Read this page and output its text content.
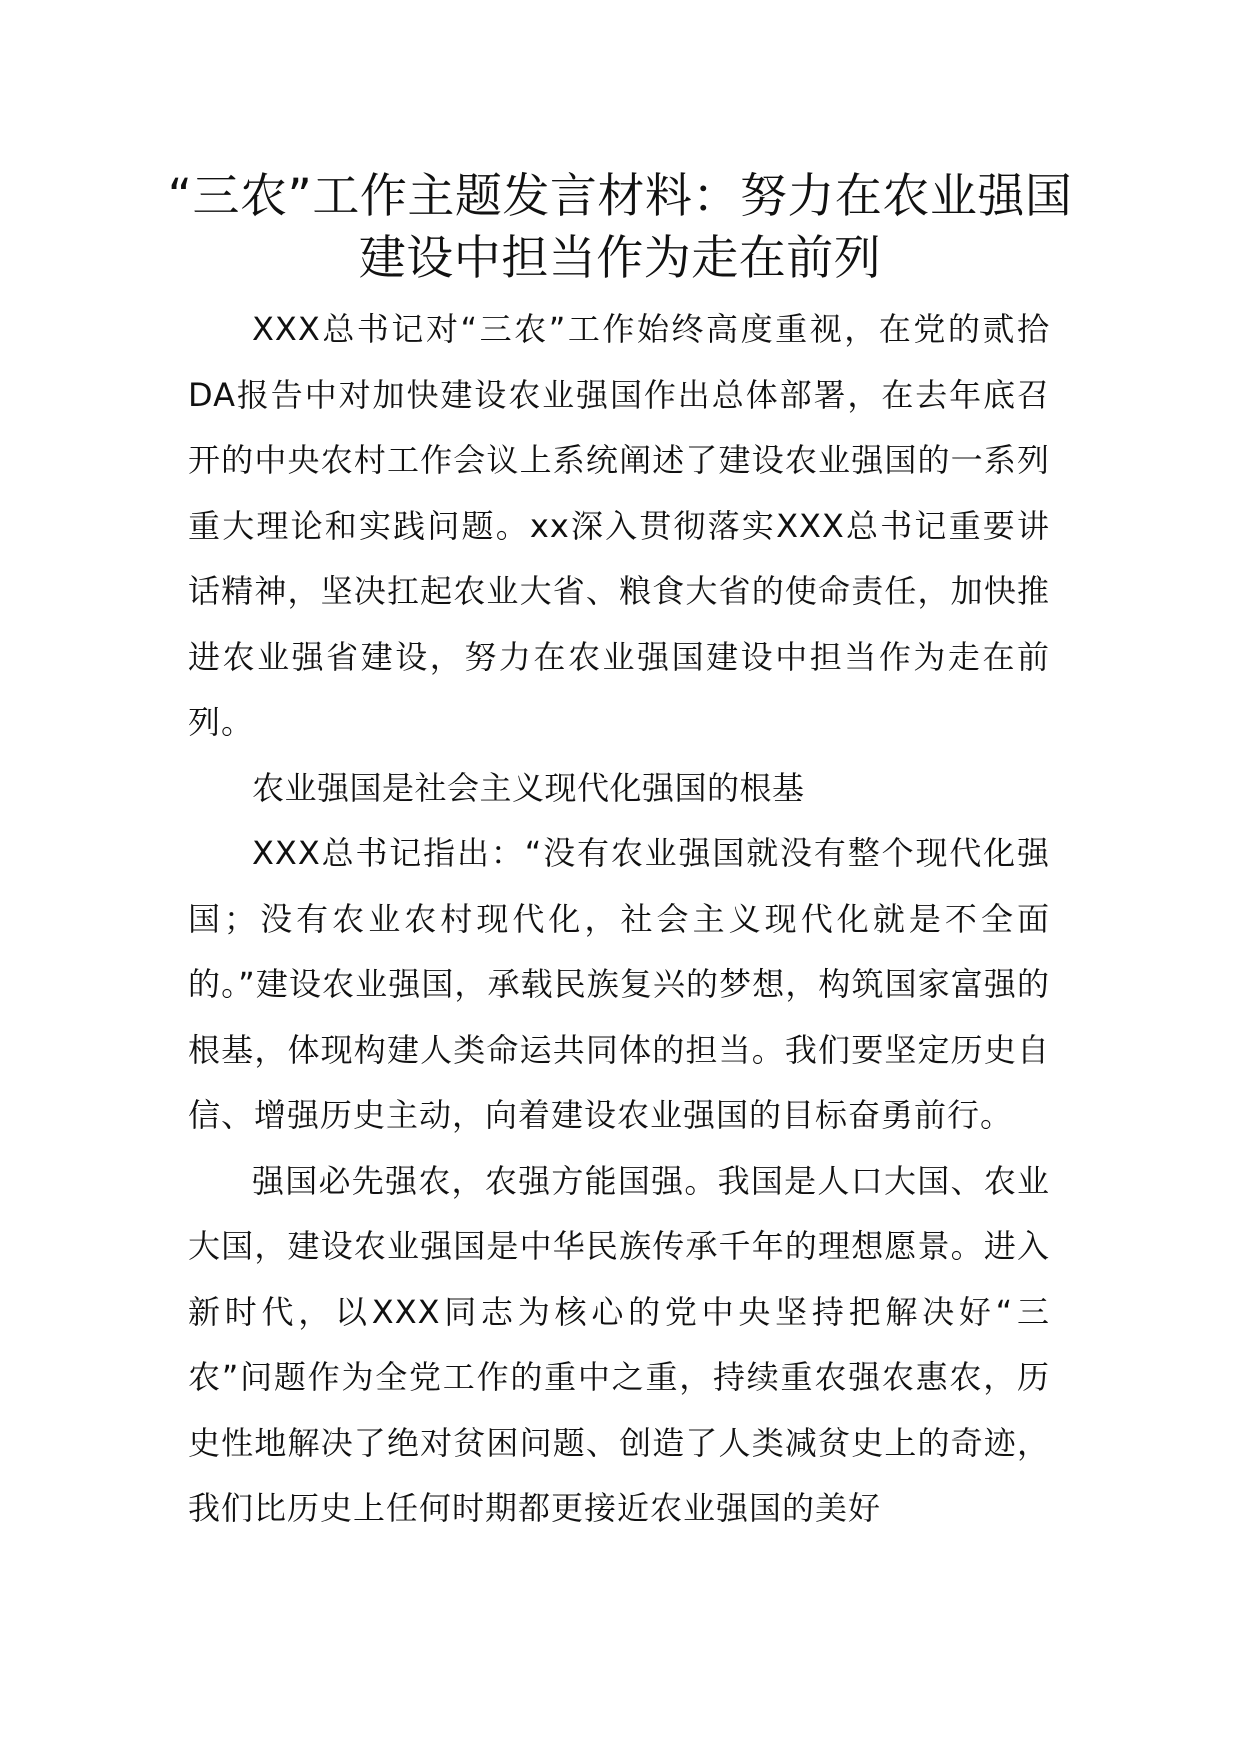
“三农”工作主题发言材料：努力在农业强国建设中担当作为走在前列

XXX总书记对“三农”工作始终高度重视，在党的贰拾DA报告中对加快建设农业强国作出总体部署，在去年底召开的中央农村工作会议上系统阐述了建设农业强国的一系列重大理论和实践问题。xx深入贯彻落实XXX总书记重要讲话精神，坚决扛起农业大省、粮食大省的使命责任，加快推进农业强省建设，努力在农业强国建设中担当作为走在前列。

农业强国是社会主义现代化强国的根基

XXX总书记指出：“没有农业强国就没有整个现代化强国；没有农业农村现代化，社会主义现代化就是不全面的。”建设农业强国，承载民族复兴的梦想，构筑国家富强的根基，体现构建人类命运共同体的担当。我们要坚定历史自信、增强历史主动，向着建设农业强国的目标奋勇前行。

强国必先强农，农强方能国强。我国是人口大国、农业大国，建设农业强国是中华民族传承千年的理想愿景。进入新时代，以XXX同志为核心的党中央坚持把解决好“三农”问题作为全党工作的重中之重，持续重农强农惠农，历史性地解决了绝对贫困问题、创造了人类减贫史上的奇迹，我们比历史上任何时期都更接近农业强国的美好
